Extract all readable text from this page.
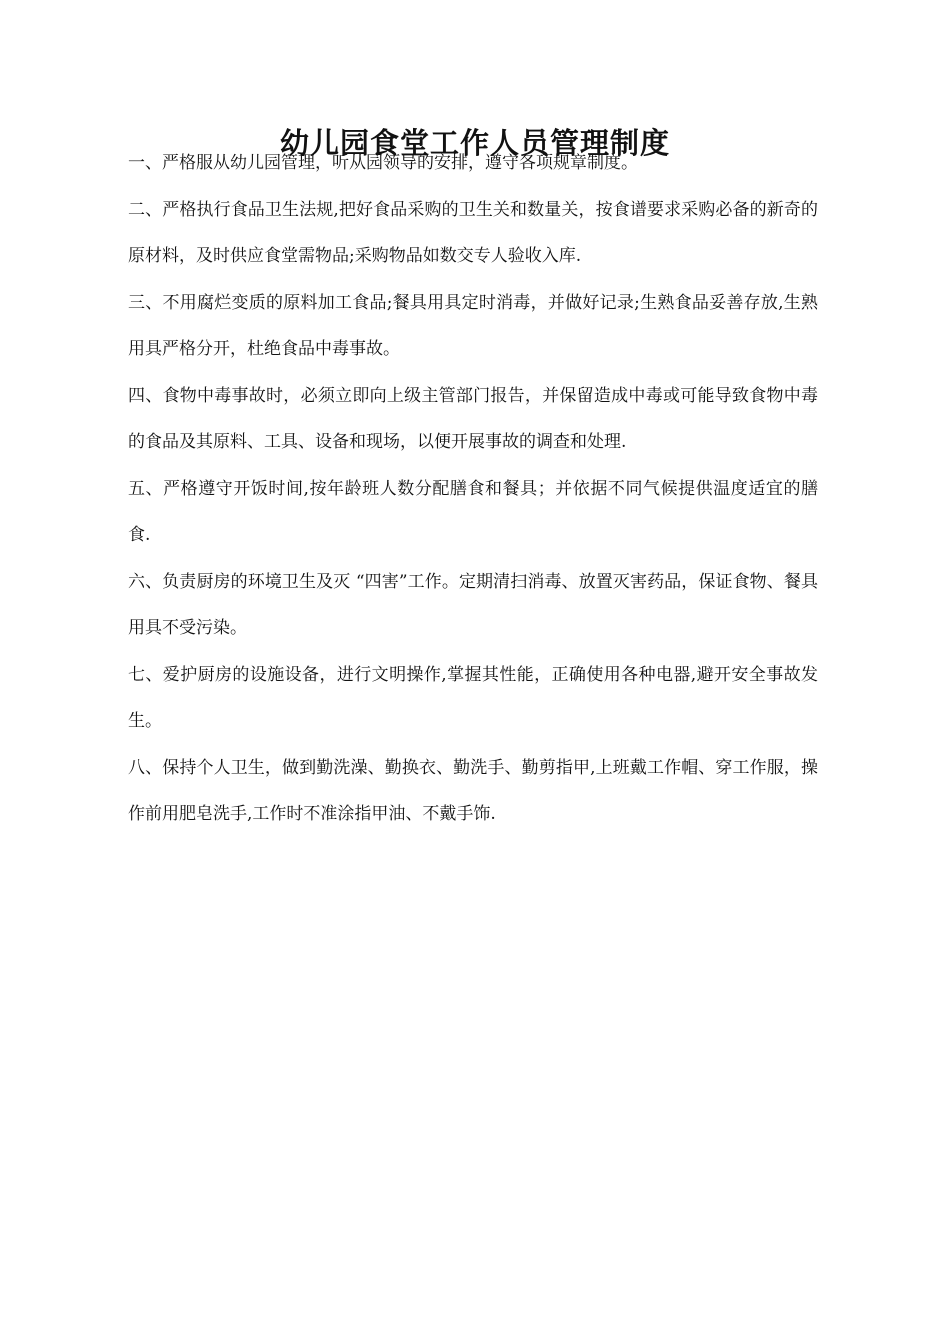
幼儿园食堂工作人员管理制度

一、严格服从幼儿园管理，听从园领导的安排，遵守各项规章制度。

二、严格执行食品卫生法规,把好食品采购的卫生关和数量关，按食谱要求采购必备的新奇的原材料，及时供应食堂需物品;采购物品如数交专人验收入库.

三、不用腐烂变质的原料加工食品;餐具用具定时消毒，并做好记录;生熟食品妥善存放,生熟用具严格分开，杜绝食品中毒事故。

四、食物中毒事故时，必须立即向上级主管部门报告，并保留造成中毒或可能导致食物中毒的食品及其原料、工具、设备和现场，以便开展事故的调查和处理.

五、严格遵守开饭时间,按年龄班人数分配膳食和餐具；并依据不同气候提供温度适宜的膳食.

六、负责厨房的环境卫生及灭 “四害”工作。定期清扫消毒、放置灭害药品，保证食物、餐具用具不受污染。

七、爱护厨房的设施设备，进行文明操作,掌握其性能，正确使用各种电器,避开安全事故发生。

八、保持个人卫生，做到勤洗澡、勤换衣、勤洗手、勤剪指甲,上班戴工作帽、穿工作服，操作前用肥皂洗手,工作时不准涂指甲油、不戴手饰.
